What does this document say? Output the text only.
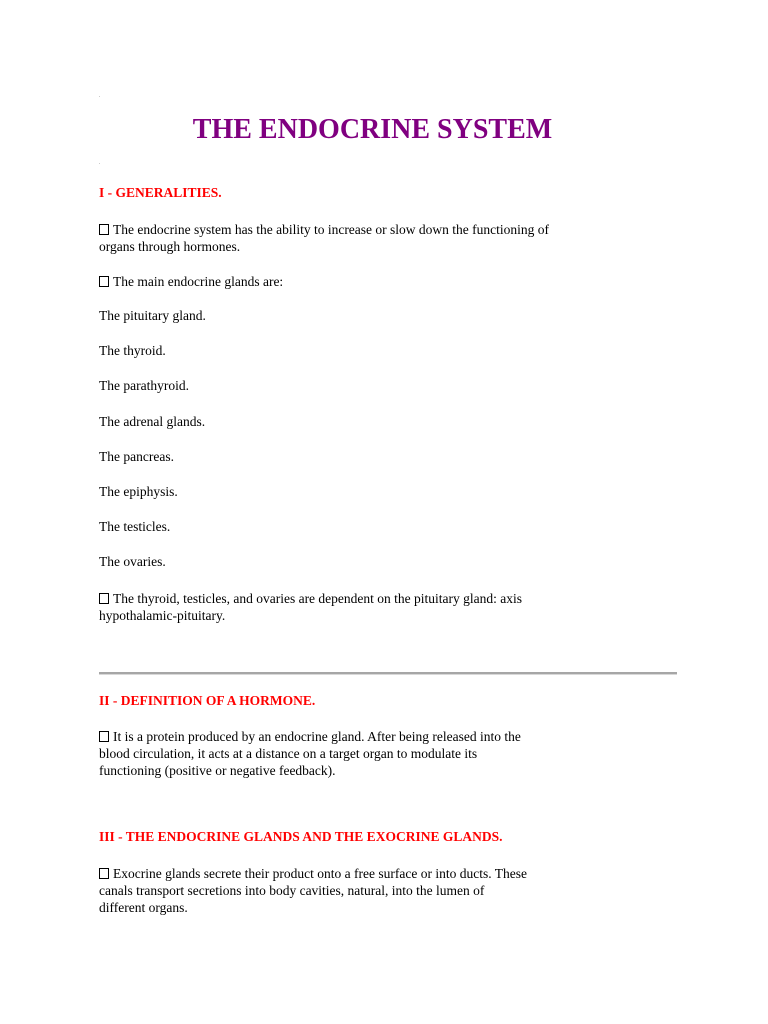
THE ENDOCRINE SYSTEM
I - GENERALITIES.
The endocrine system has the ability to increase or slow down the functioning of
organs through hormones.
The main endocrine glands are:
The pituitary gland.
The thyroid.
The parathyroid.
The adrenal glands.
The pancreas.
The epiphysis.
The testicles.
The ovaries.
The thyroid, testicles, and ovaries are dependent on the pituitary gland: axis
hypothalamic-pituitary.
II - DEFINITION OF A HORMONE.
It is a protein produced by an endocrine gland. After being released into the
blood circulation, it acts at a distance on a target organ to modulate its
functioning (positive or negative feedback).
III - THE ENDOCRINE GLANDS AND THE EXOCRINE GLANDS.
Exocrine glands secrete their product onto a free surface or into ducts. These
canals transport secretions into body cavities, natural, into the lumen of
different organs.
